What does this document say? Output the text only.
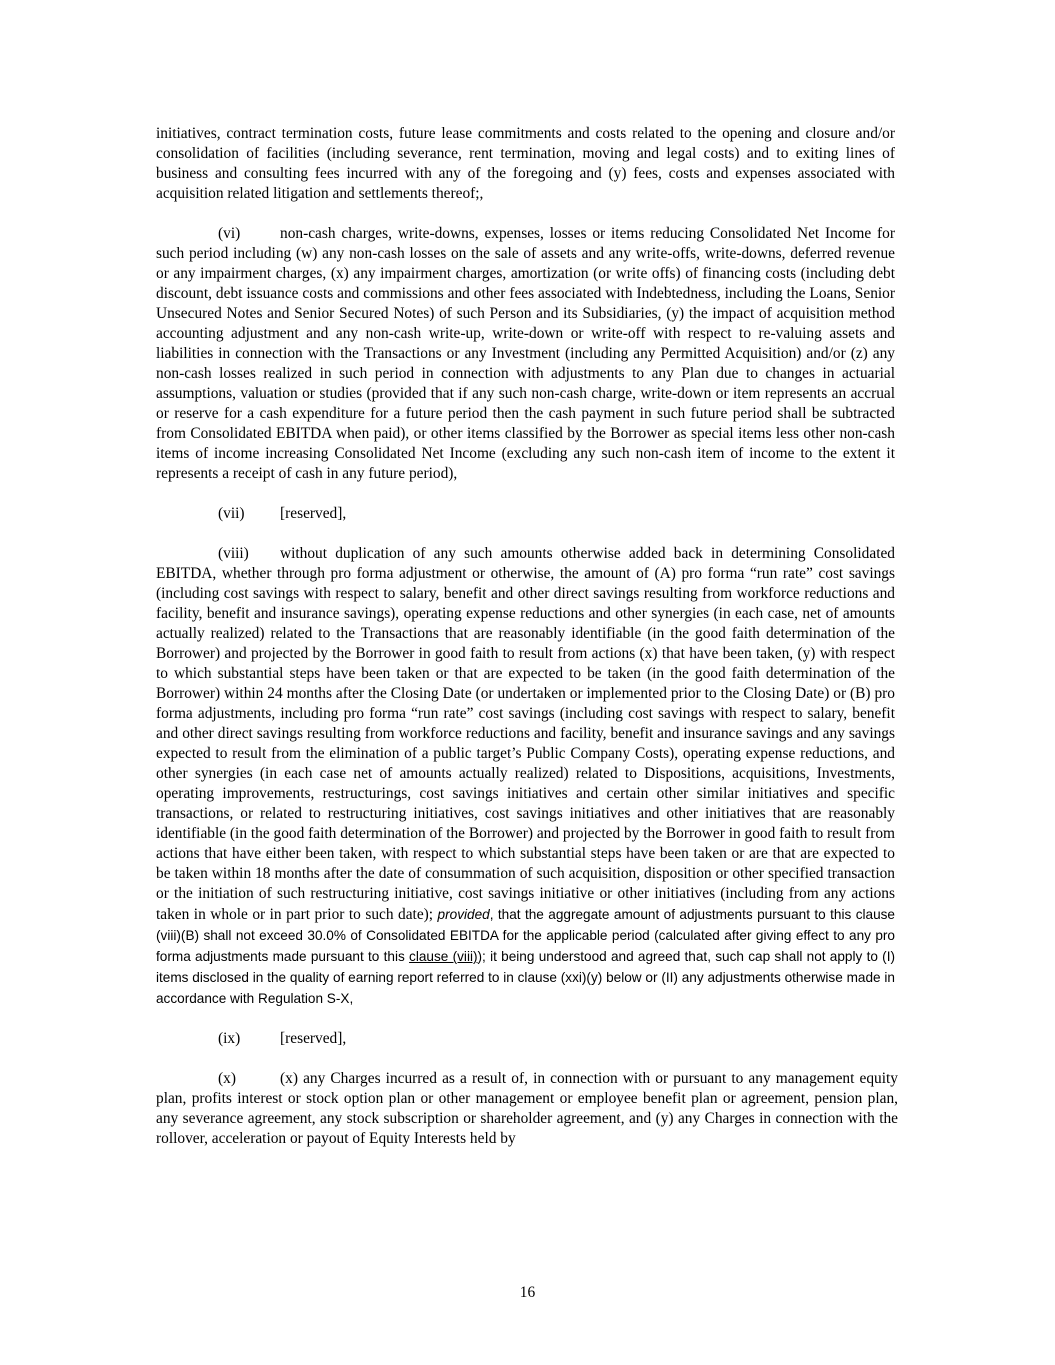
initiatives, contract termination costs, future lease commitments and costs related to the opening and closure and/or consolidation of facilities (including severance, rent termination, moving and legal costs) and to exiting lines of business and consulting fees incurred with any of the foregoing and (y) fees, costs and expenses associated with acquisition related litigation and settlements thereof;,

(vi)	non-cash charges, write-downs, expenses, losses or items reducing Consolidated Net Income for such period including (w) any non-cash losses on the sale of assets and any write-offs, write-downs, deferred revenue or any impairment charges, (x) any impairment charges, amortization (or write offs) of financing costs (including debt discount, debt issuance costs and commissions and other fees associated with Indebtedness, including the Loans, Senior Unsecured Notes and Senior Secured Notes) of such Person and its Subsidiaries, (y) the impact of acquisition method accounting adjustment and any non-cash write-up, write-down or write-off with respect to re-valuing assets and liabilities in connection with the Transactions or any Investment (including any Permitted Acquisition) and/or (z) any non-cash losses realized in such period in connection with adjustments to any Plan due to changes in actuarial assumptions, valuation or studies (provided that if any such non-cash charge, write-down or item represents an accrual or reserve for a cash expenditure for a future period then the cash payment in such future period shall be subtracted from Consolidated EBITDA when paid), or other items classified by the Borrower as special items less other non-cash items of income increasing Consolidated Net Income (excluding any such non-cash item of income to the extent it represents a receipt of cash in any future period),

(vii) [reserved],

(viii) without duplication of any such amounts otherwise added back in determining Consolidated EBITDA, whether through pro forma adjustment or otherwise, the amount of (A) pro forma “run rate” cost savings (including cost savings with respect to salary, benefit and other direct savings resulting from workforce reductions and facility, benefit and insurance savings), operating expense reductions and other synergies (in each case, net of amounts actually realized) related to the Transactions that are reasonably identifiable (in the good faith determination of the Borrower) and projected by the Borrower in good faith to result from actions (x) that have been taken, (y) with respect to which substantial steps have been taken or that are expected to be taken (in the good faith determination of the Borrower) within 24 months after the Closing Date (or undertaken or implemented prior to the Closing Date) or (B) pro forma adjustments, including pro forma “run rate” cost savings (including cost savings with respect to salary, benefit and other direct savings resulting from workforce reductions and facility, benefit and insurance savings and any savings expected to result from the elimination of a public target’s Public Company Costs), operating expense reductions, and other synergies (in each case net of amounts actually realized) related to Dispositions, acquisitions, Investments, operating improvements, restructurings, cost savings initiatives and certain other similar initiatives and specific transactions, or related to restructuring initiatives, cost savings initiatives and other initiatives that are reasonably identifiable (in the good faith determination of the Borrower) and projected by the Borrower in good faith to result from actions that have either been taken, with respect to which substantial steps have been taken or are that are expected to be taken within 18 months after the date of consummation of such acquisition, disposition or other specified transaction or the initiation of such restructuring initiative, cost savings initiative or other initiatives (including from any actions taken in whole or in part prior to such date); provided, that the aggregate amount of adjustments pursuant to this clause (viii)(B) shall not exceed 30.0% of Consolidated EBITDA for the applicable period (calculated after giving effect to any pro forma adjustments made pursuant to this clause (viii)); it being understood and agreed that, such cap shall not apply to (I) items disclosed in the quality of earning report referred to in clause (xxi)(y) below or (II) any adjustments otherwise made in accordance with Regulation S-X,

(ix)	[reserved],

(x)	(x) any Charges incurred as a result of, in connection with or pursuant to any management equity plan, profits interest or stock option plan or other management or employee benefit plan or agreement, pension plan, any severance agreement, any stock subscription or shareholder agreement, and (y) any Charges in connection with the rollover, acceleration or payout of Equity Interests held by

16
